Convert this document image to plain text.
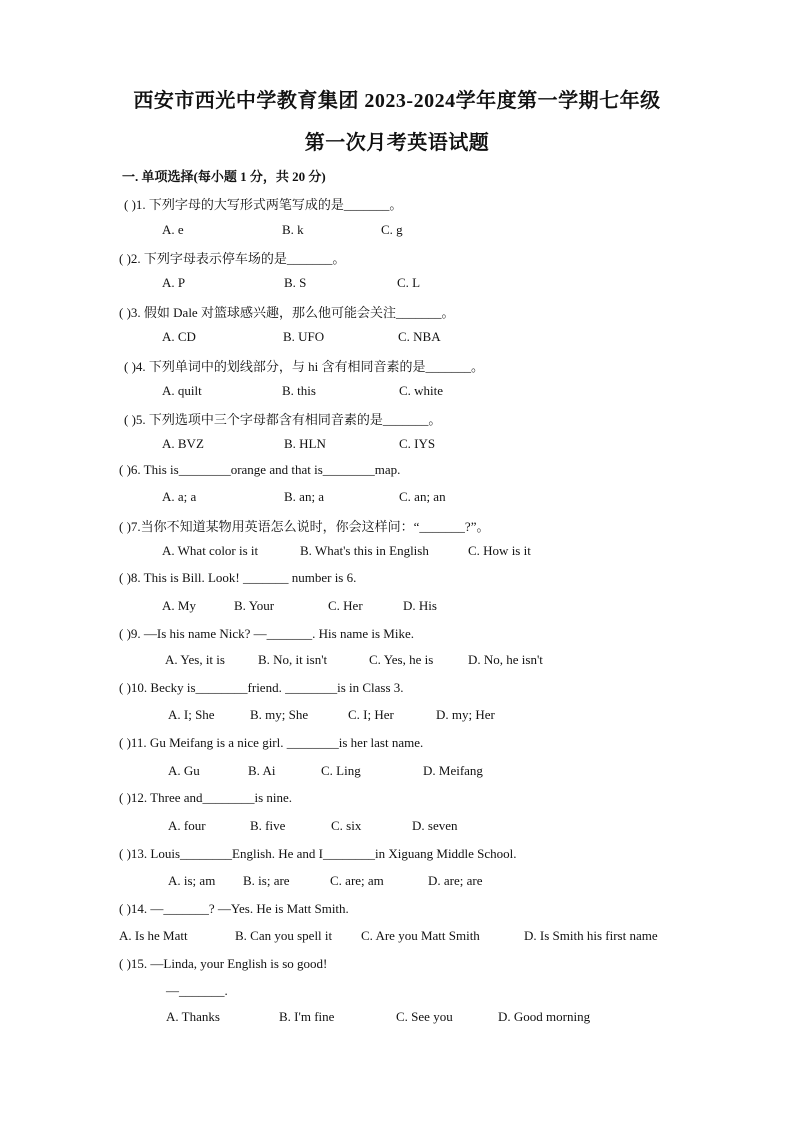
西安市西光中学教育集团 2023-2024学年度第一学期七年级
第一次月考英语试题
一. 单项选择(每小题 1 分，共 20 分)
( )1. 下列字母的大写形式两笔写成的是_______。
A. e	B. k	C. g
( )2. 下列字母表示停车场的是_______。
A. P	B. S	C. L
( )3. 假如 Dale 对篮球感兴趣，那么他可能会关注_______。
A. CD	B. UFO	C. NBA
( )4. 下列单词中的划线部分，与 hi 含有相同音素的是_______。
A. quilt	B. this	C. white
( )5. 下列选项中三个字母都含有相同音素的是_______。
A. BVZ	B. HLN	C. IYS
( )6. This is________orange and that is________map.
A. a; a	B. an; a	C. an; an
( )7.当你不知道某物用英语怎么说时，你会这样问：“_______?”。
A. What color is it	B. What's this in English	C. How is it
( )8. This is Bill. Look! _______ number is 6.
A. My	B. Your	C. Her	D. His
( )9. —Is his name Nick? —_______. His name is Mike.
A. Yes, it is	B. No, it isn't	C. Yes, he is	D. No, he isn't
( )10. Becky is________friend. ________is in Class 3.
A. I; She	B. my; She	C. I; Her	D. my; Her
( )11. Gu Meifang is a nice girl. ________is her last name.
A. Gu	B. Ai	C. Ling	D. Meifang
( )12. Three and________is nine.
A. four	B. five	C. six	D. seven
( )13. Louis________English. He and I________in Xiguang Middle School.
A. is; am B. is; are	C. are; am	D. are; are
( )14. —_______? —Yes. He is Matt Smith.
A. Is he Matt	B. Can you spell it C. Are you Matt Smith	D. Is Smith his first name
( )15. —Linda, your English is so good!
—_______.
A. Thanks	B. I'm fine	C. See you	D. Good morning
